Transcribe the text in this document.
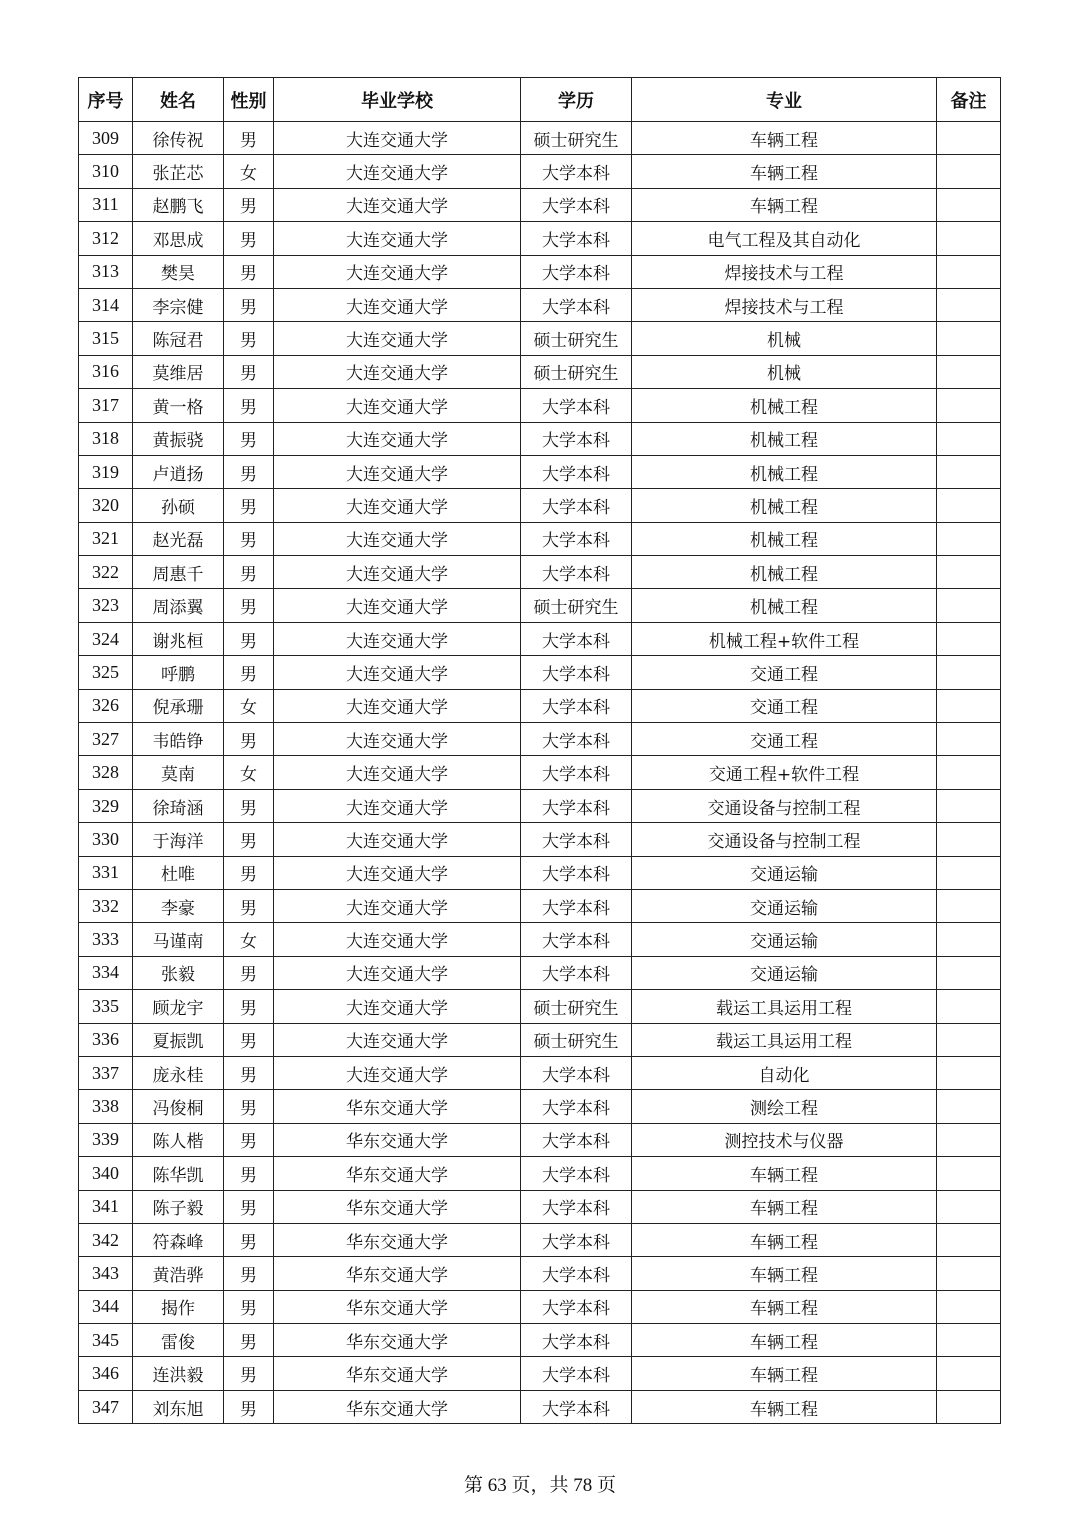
序号	姓名	性别	毕业学校	学历	专业	备注
309	徐传祝	男	大连交通大学	硕士研究生	车辆工程	
310	张芷芯	女	大连交通大学	大学本科	车辆工程	
311	赵鹏飞	男	大连交通大学	大学本科	车辆工程	
312	邓思成	男	大连交通大学	大学本科	电气工程及其自动化	
313	樊昊	男	大连交通大学	大学本科	焊接技术与工程	
314	李宗健	男	大连交通大学	大学本科	焊接技术与工程	
315	陈冠君	男	大连交通大学	硕士研究生	机械	
316	莫维居	男	大连交通大学	硕士研究生	机械	
317	黄一格	男	大连交通大学	大学本科	机械工程	
318	黄振骁	男	大连交通大学	大学本科	机械工程	
319	卢逍扬	男	大连交通大学	大学本科	机械工程	
320	孙硕	男	大连交通大学	大学本科	机械工程	
321	赵光磊	男	大连交通大学	大学本科	机械工程	
322	周惠千	男	大连交通大学	大学本科	机械工程	
323	周添翼	男	大连交通大学	硕士研究生	机械工程	
324	谢兆桓	男	大连交通大学	大学本科	机械工程+软件工程	
325	呼鹏	男	大连交通大学	大学本科	交通工程	
326	倪承珊	女	大连交通大学	大学本科	交通工程	
327	韦皓铮	男	大连交通大学	大学本科	交通工程	
328	莫南	女	大连交通大学	大学本科	交通工程+软件工程	
329	徐琦涵	男	大连交通大学	大学本科	交通设备与控制工程	
330	于海洋	男	大连交通大学	大学本科	交通设备与控制工程	
331	杜唯	男	大连交通大学	大学本科	交通运输	
332	李豪	男	大连交通大学	大学本科	交通运输	
333	马谨南	女	大连交通大学	大学本科	交通运输	
334	张毅	男	大连交通大学	大学本科	交通运输	
335	顾龙宇	男	大连交通大学	硕士研究生	载运工具运用工程	
336	夏振凯	男	大连交通大学	硕士研究生	载运工具运用工程	
337	庞永桂	男	大连交通大学	大学本科	自动化	
338	冯俊桐	男	华东交通大学	大学本科	测绘工程	
339	陈人楷	男	华东交通大学	大学本科	测控技术与仪器	
340	陈华凯	男	华东交通大学	大学本科	车辆工程	
341	陈子毅	男	华东交通大学	大学本科	车辆工程	
342	符森峰	男	华东交通大学	大学本科	车辆工程	
343	黄浩骅	男	华东交通大学	大学本科	车辆工程	
344	揭作	男	华东交通大学	大学本科	车辆工程	
345	雷俊	男	华东交通大学	大学本科	车辆工程	
346	连洪毅	男	华东交通大学	大学本科	车辆工程	
347	刘东旭	男	华东交通大学	大学本科	车辆工程	
第 63 页，共 78 页
